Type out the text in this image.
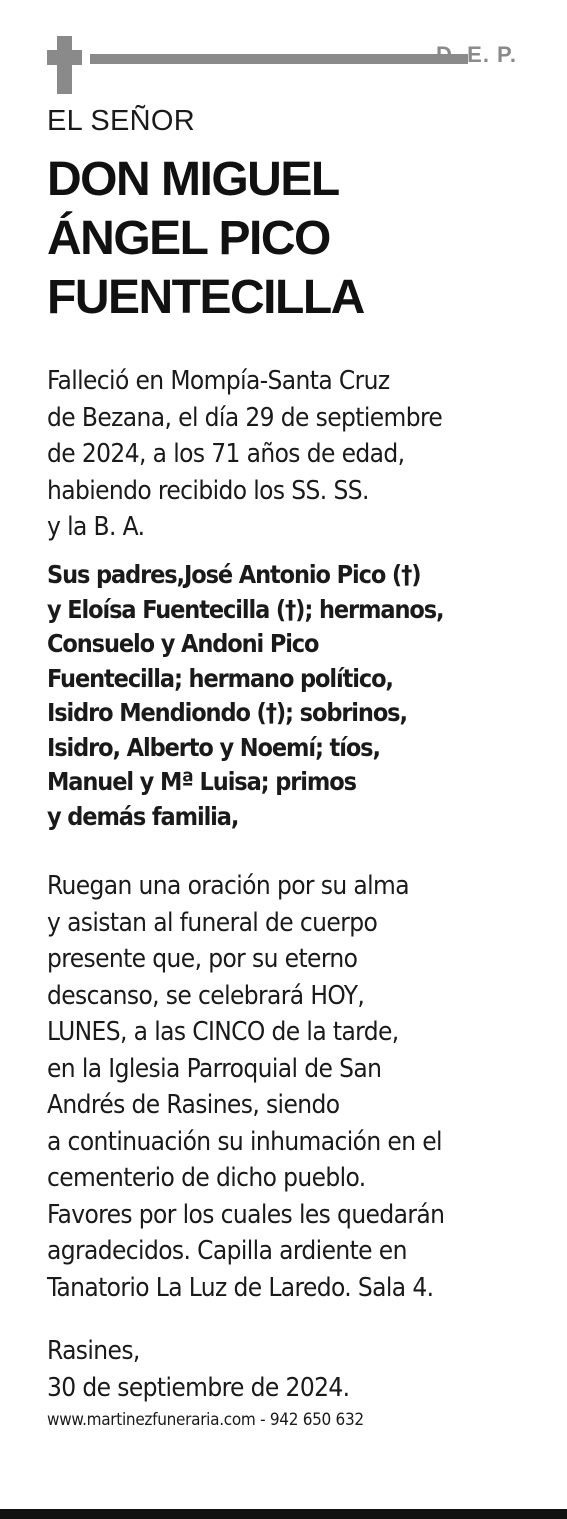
D. E. P.
EL SEÑOR
DON MIGUEL
ÁNGEL PICO
FUENTECILLA
Falleció en Mompía-Santa Cruz
de Bezana, el día 29 de septiembre
de 2024, a los 71 años de edad,
habiendo recibido los SS. SS.
y la B. A.
Sus padres,José Antonio Pico (†)
y Eloísa Fuentecilla (†); hermanos,
Consuelo y Andoni Pico
Fuentecilla; hermano político,
Isidro Mendiondo (†); sobrinos,
Isidro, Alberto y Noemí; tíos,
Manuel y Mª Luisa; primos
y demás familia,
Ruegan una oración por su alma
y asistan al funeral de cuerpo
presente que, por su eterno
descanso, se celebrará HOY,
LUNES, a las CINCO de la tarde,
en la Iglesia Parroquial de San
Andrés de Rasines, siendo
a continuación su inhumación en el
cementerio de dicho pueblo.
Favores por los cuales les quedarán
agradecidos. Capilla ardiente en
Tanatorio La Luz de Laredo. Sala 4.
Rasines,
30 de septiembre de 2024.
www.martinezfuneraria.com - 942 650 632
